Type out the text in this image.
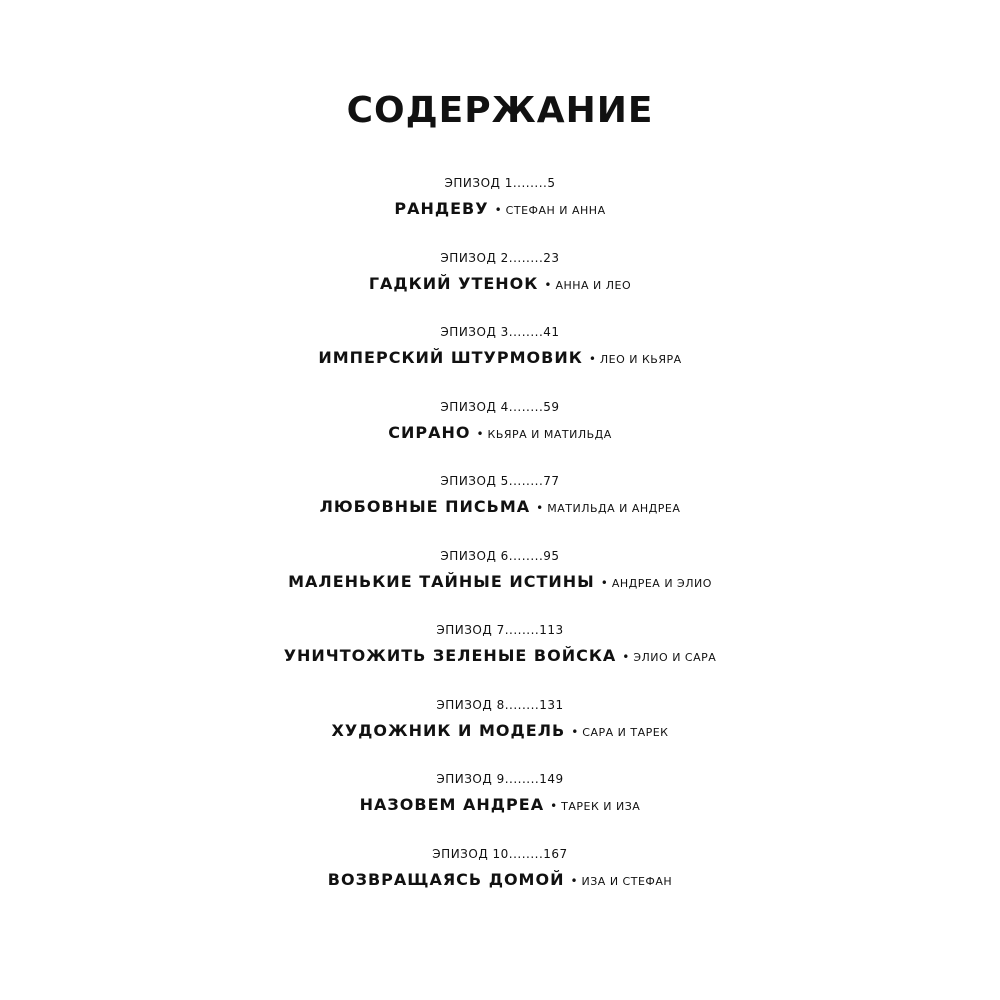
СОДЕРЖАНИЕ
ЭПИЗОД 1........5
РАНДЕВУ • СТЕФАН И АННА
ЭПИЗОД 2........23
ГАДКИЙ УТЕНОК • АННА И ЛЕО
ЭПИЗОД 3........41
ИМПЕРСКИЙ ШТУРМОВИК • ЛЕО И КЬЯРА
ЭПИЗОД 4........59
СИРАНО • КЬЯРА И МАТИЛЬДА
ЭПИЗОД 5........77
ЛЮБОВНЫЕ ПИСЬМА • МАТИЛЬДА И АНДРЕА
ЭПИЗОД 6........95
МАЛЕНЬКИЕ ТАЙНЫЕ ИСТИНЫ • АНДРЕА И ЭЛИО
ЭПИЗОД 7........113
УНИЧТОЖИТЬ ЗЕЛЕНЫЕ ВОЙСКА • ЭЛИО И САРА
ЭПИЗОД 8........131
ХУДОЖНИК И МОДЕЛЬ • САРА И ТАРЕК
ЭПИЗОД 9........149
НАЗОВЕМ АНДРЕА • ТАРЕК И ИЗА
ЭПИЗОД 10........167
ВОЗВРАЩАЯСЬ ДОМОЙ • ИЗА И СТЕФАН
